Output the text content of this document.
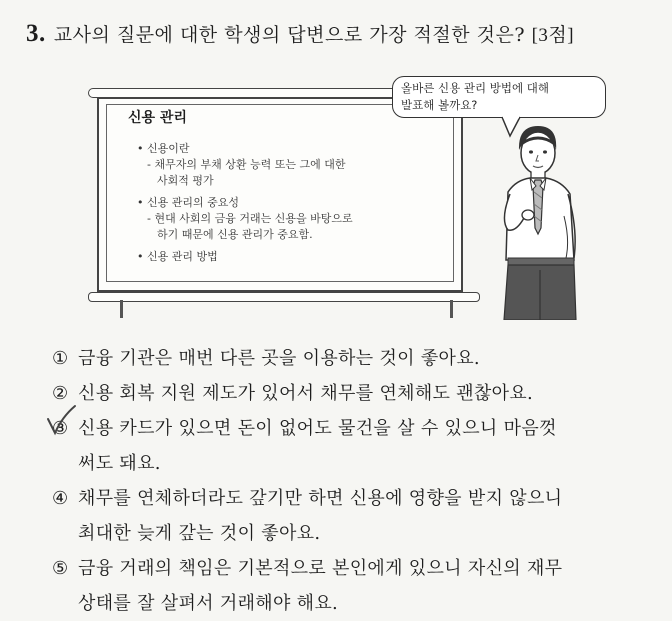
3. 교사의 질문에 대한 학생의 답변으로 가장 적절한 것은? [3점]
신용 관리
• 신용이란
- 채무자의 부채 상환 능력 또는 그에 대한
사회적 평가
• 신용 관리의 중요성
- 현대 사회의 금융 거래는 신용을 바탕으로
하기 때문에 신용 관리가 중요함.
• 신용 관리 방법
올바른 신용 관리 방법에 대해
발표해 볼까요?
① 금융 기관은 매번 다른 곳을 이용하는 것이 좋아요.
② 신용 회복 지원 제도가 있어서 채무를 연체해도 괜찮아요.
③ 신용 카드가 있으면 돈이 없어도 물건을 살 수 있으니 마음껏
써도 돼요.
④ 채무를 연체하더라도 갚기만 하면 신용에 영향을 받지 않으니
최대한 늦게 갚는 것이 좋아요.
⑤ 금융 거래의 책임은 기본적으로 본인에게 있으니 자신의 재무
상태를 잘 살펴서 거래해야 해요.
